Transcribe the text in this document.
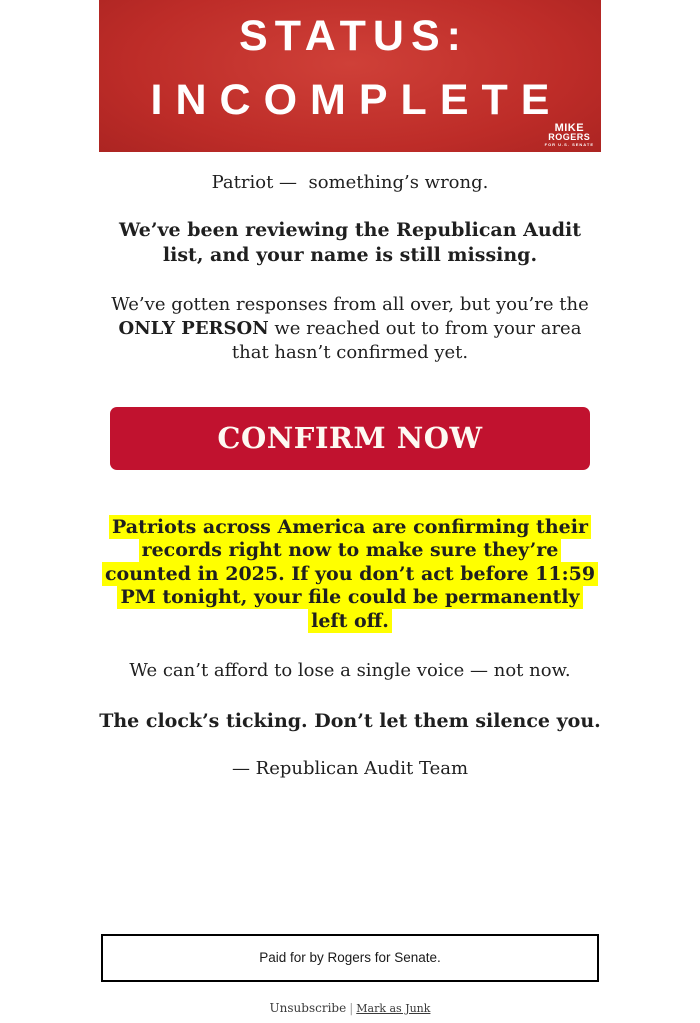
STATUS:
INCOMPLETE
MIKE
ROGERS
FOR U.S. SENATE

Patriot —  something’s wrong.

We’ve been reviewing the Republican Audit list, and your name is still missing.

We’ve gotten responses from all over, but you’re the ONLY PERSON we reached out to from your area that hasn’t confirmed yet.

CONFIRM NOW

Patriots across America are confirming their records right now to make sure they’re counted in 2025. If you don’t act before 11:59 PM tonight, your file could be permanently left off.

We can’t afford to lose a single voice — not now.

The clock’s ticking. Don’t let them silence you.

— Republican Audit Team

Paid for by Rogers for Senate.
Unsubscribe | Mark as Junk
